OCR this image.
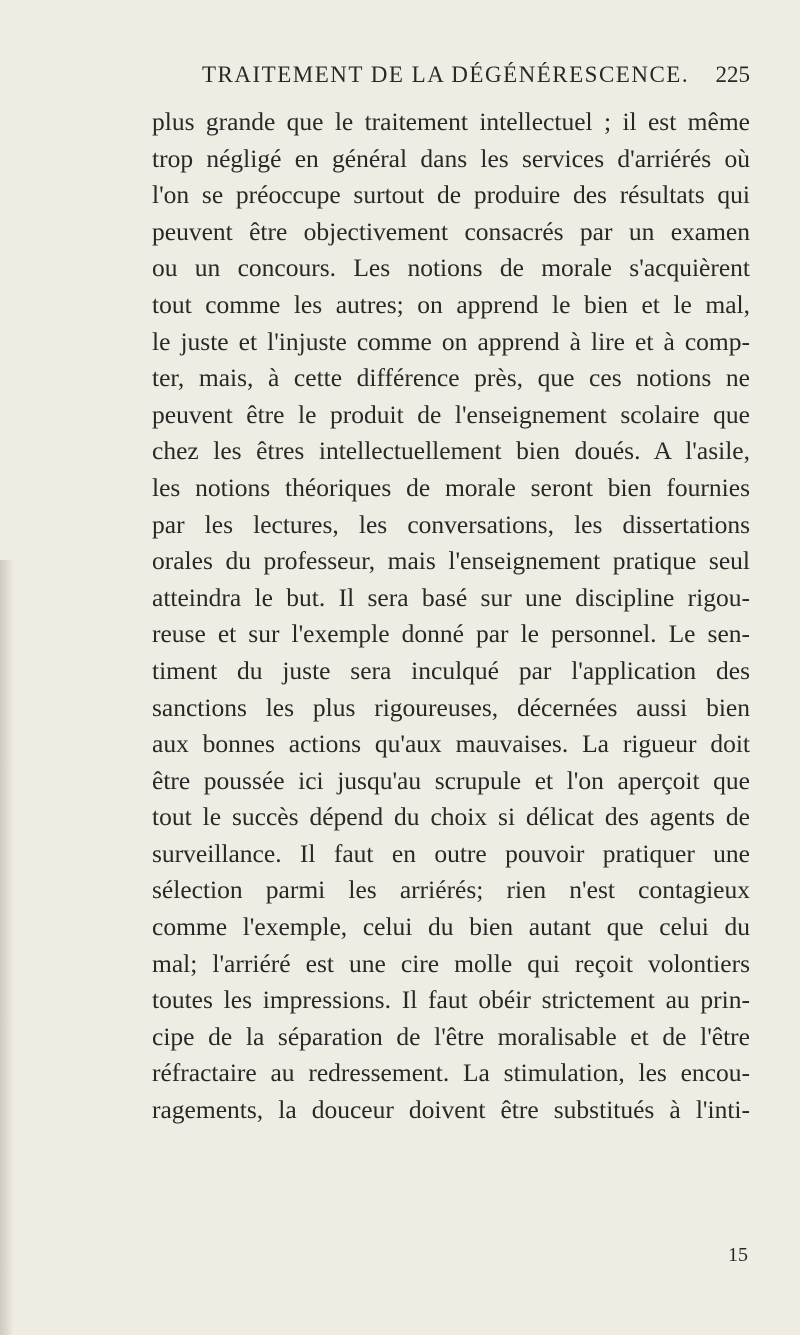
TRAITEMENT DE LA DÉGÉNÉRESCENCE. 225
plus grande que le traitement intellectuel ; il est même
trop négligé en général dans les services d'arriérés où
l'on se préoccupe surtout de produire des résultats qui
peuvent être objectivement consacrés par un examen
ou un concours. Les notions de morale s'acquièrent
tout comme les autres; on apprend le bien et le mal,
le juste et l'injuste comme on apprend à lire et à comp-
ter, mais, à cette différence près, que ces notions ne
peuvent être le produit de l'enseignement scolaire que
chez les êtres intellectuellement bien doués. A l'asile,
les notions théoriques de morale seront bien fournies
par les lectures, les conversations, les dissertations
orales du professeur, mais l'enseignement pratique seul
atteindra le but. Il sera basé sur une discipline rigou-
reuse et sur l'exemple donné par le personnel. Le sen-
timent du juste sera inculqué par l'application des
sanctions les plus rigoureuses, décernées aussi bien
aux bonnes actions qu'aux mauvaises. La rigueur doit
être poussée ici jusqu'au scrupule et l'on aperçoit que
tout le succès dépend du choix si délicat des agents de
surveillance. Il faut en outre pouvoir pratiquer une
sélection parmi les arriérés; rien n'est contagieux
comme l'exemple, celui du bien autant que celui du
mal; l'arriéré est une cire molle qui reçoit volontiers
toutes les impressions. Il faut obéir strictement au prin-
cipe de la séparation de l'être moralisable et de l'être
réfractaire au redressement. La stimulation, les encou-
ragements, la douceur doivent être substitués à l'inti-
15
